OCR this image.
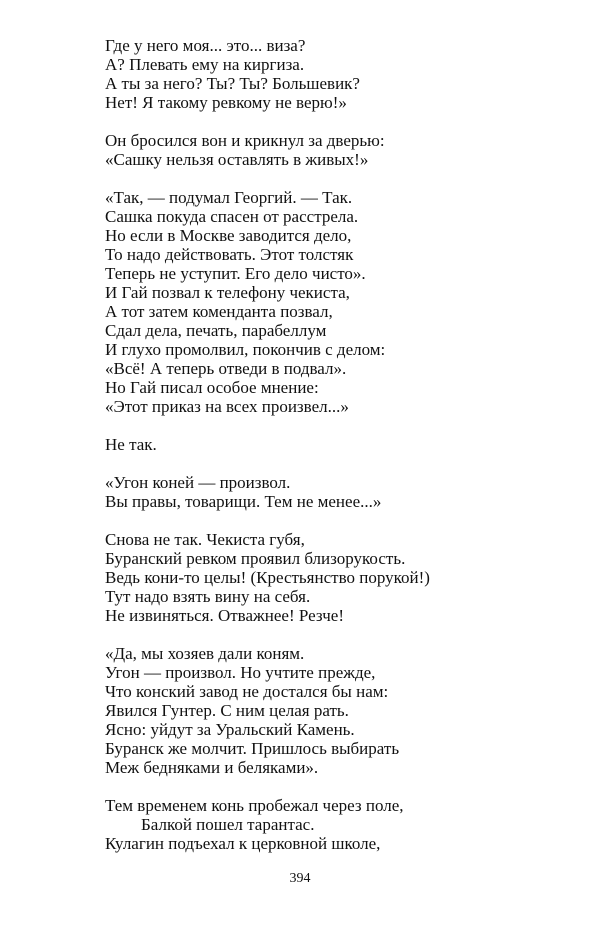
Где у него моя... это... виза?
А? Плевать ему на киргиза.
А ты за него? Ты? Ты? Большевик?
Нет! Я такому ревкому не верю!»
Он бросился вон и крикнул за дверью:
«Сашку нельзя оставлять в живых!»
«Так, — подумал Георгий. — Так.
Сашка покуда спасен от расстрела.
Но если в Москве заводится дело,
То надо действовать. Этот толстяк
Теперь не уступит. Его дело чисто».
И Гай позвал к телефону чекиста,
А тот затем коменданта позвал,
Сдал дела, печать, парабеллум
И глухо промолвил, покончив с делом:
«Всё! А теперь отведи в подвал».
Но Гай писал особое мнение:
«Этот приказ на всех произвел...»
Не так.
«Угон коней — произвол.
Вы правы, товарищи. Тем не менее...»
Снова не так. Чекиста губя,
Буранский ревком проявил близорукость.
Ведь кони-то целы! (Крестьянство порукой!)
Тут надо взять вину на себя.
Не извиняться. Отважнее! Резче!
«Да, мы хозяев дали коням.
Угон — произвол. Но учтите прежде,
Что конский завод не достался бы нам:
Явился Гунтер. С ним целая рать.
Ясно: уйдут за Уральский Камень.
Буранск же молчит. Пришлось выбирать
Меж бедняками и беляками».
Тем временем конь пробежал через поле,
Балкой пошел тарантас.
Кулагин подъехал к церковной школе,
394
